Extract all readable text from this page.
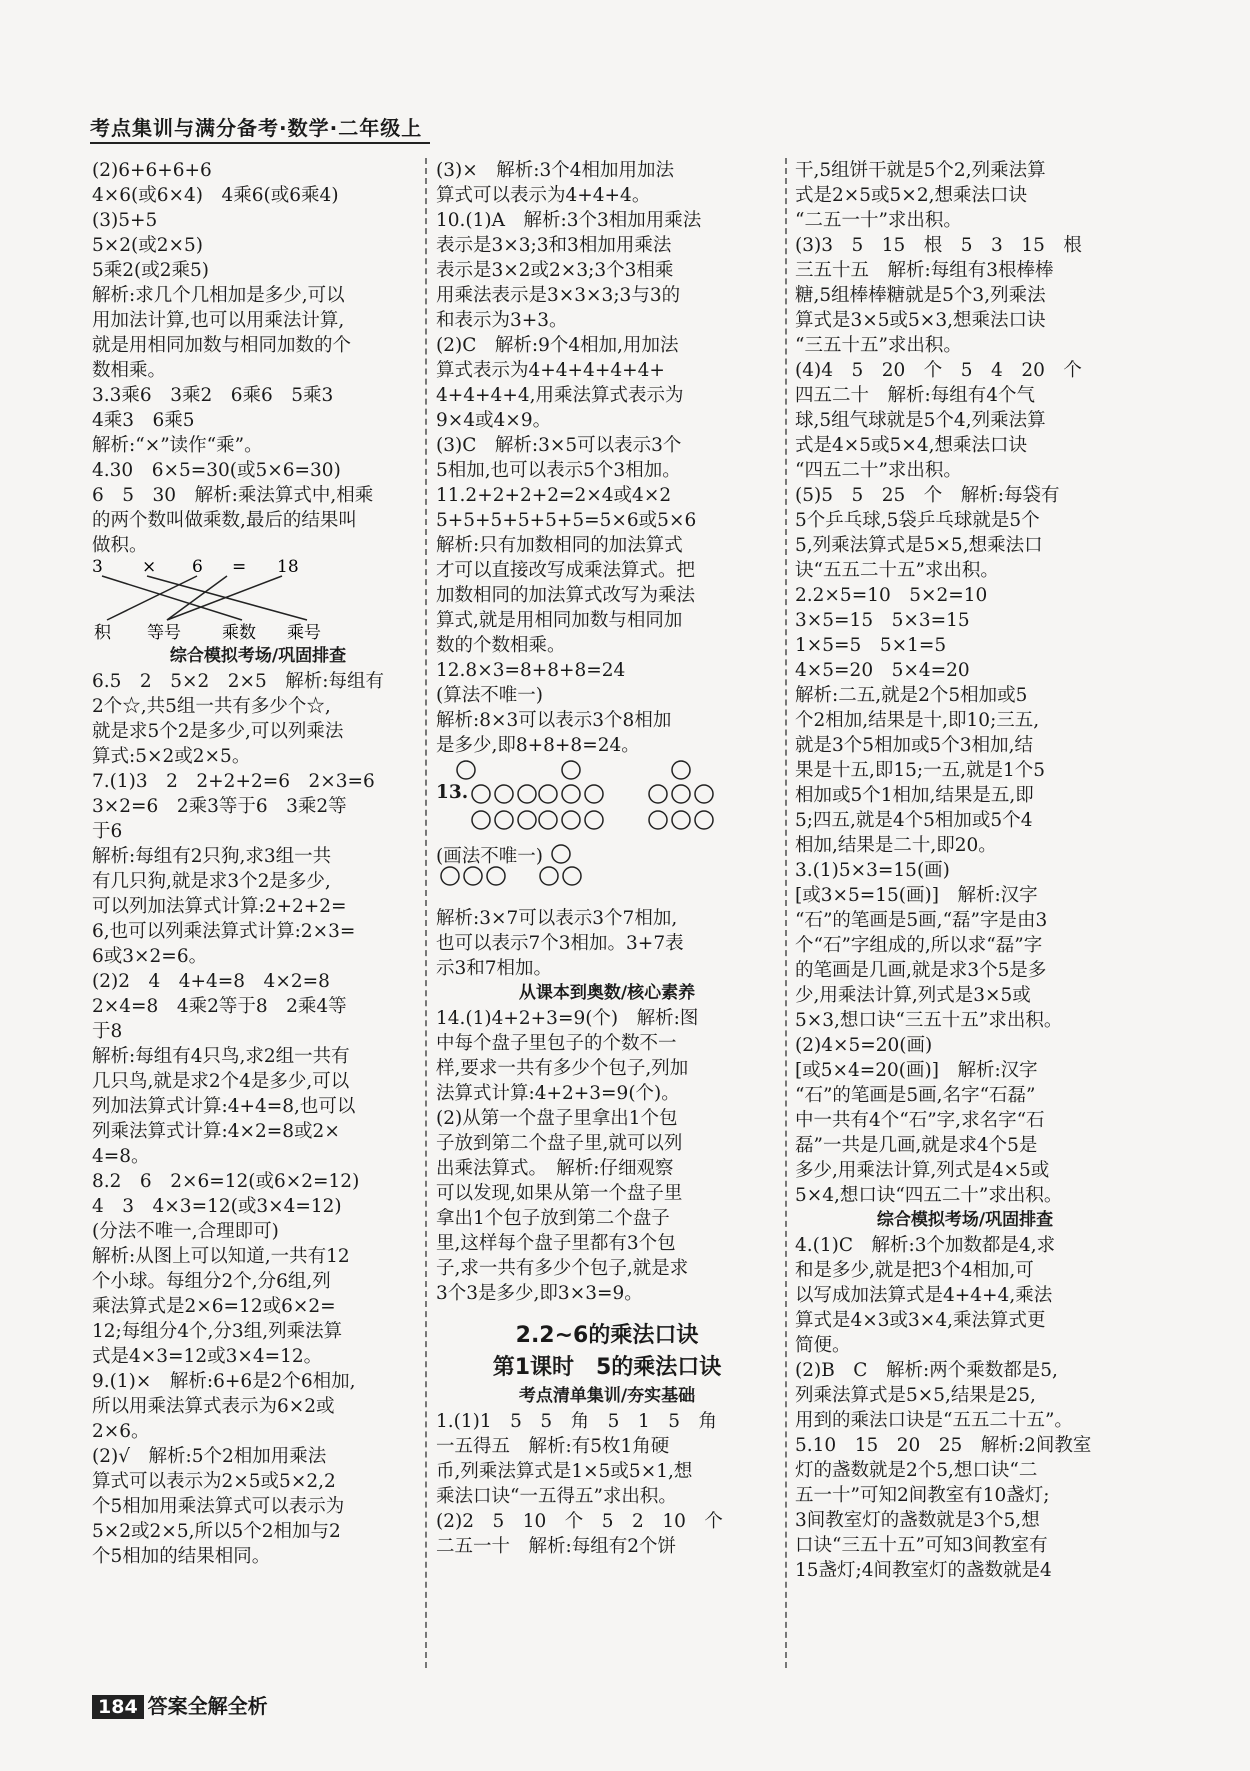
考点集训与满分备考·数学·二年级上
(2)6+6+6+6
4×6(或6×4)　4乘6(或6乘4)
(3)5+5
5×2(或2×5)
5乘2(或2乘5)
解析:求几个几相加是多少,可以
用加法计算,也可以用乘法计算,
就是用相同加数与相同加数的个
数相乘。
3.3乘6　3乘2　6乘6　5乘3
4乘3　6乘5
解析:“×”读作“乘”。
4.30　6×5=30(或5×6=30)
6　5　30　解析:乘法算式中,相乘
的两个数叫做乘数,最后的结果叫
做积。
3 × 6 = 18
积 等号 乘数 乘号
综合模拟考场/巩固排查
6.5　2　5×2　2×5　解析:每组有
2个☆,共5组一共有多少个☆,
就是求5个2是多少,可以列乘法
算式:5×2或2×5。
7.(1)3　2　2+2+2=6　2×3=6
3×2=6　2乘3等于6　3乘2等
于6
解析:每组有2只狗,求3组一共
有几只狗,就是求3个2是多少,
可以列加法算式计算:2+2+2=
6,也可以列乘法算式计算:2×3=
6或3×2=6。
(2)2　4　4+4=8　4×2=8
2×4=8　4乘2等于8　2乘4等
于8
解析:每组有4只鸟,求2组一共有
几只鸟,就是求2个4是多少,可以
列加法算式计算:4+4=8,也可以
列乘法算式计算:4×2=8或2×
4=8。
8.2　6　2×6=12(或6×2=12)
4　3　4×3=12(或3×4=12)
(分法不唯一,合理即可)
解析:从图上可以知道,一共有12
个小球。每组分2个,分6组,列
乘法算式是2×6=12或6×2=
12;每组分4个,分3组,列乘法算
式是4×3=12或3×4=12。
9.(1)×　解析:6+6是2个6相加,
所以用乘法算式表示为6×2或
2×6。
(2)√　解析:5个2相加用乘法
算式可以表示为2×5或5×2,2
个5相加用乘法算式可以表示为
5×2或2×5,所以5个2相加与2
个5相加的结果相同。
(3)×　解析:3个4相加用加法
算式可以表示为4+4+4。
10.(1)A　解析:3个3相加用乘法
表示是3×3;3和3相加用乘法
表示是3×2或2×3;3个3相乘
用乘法表示是3×3×3;3与3的
和表示为3+3。
(2)C　解析:9个4相加,用加法
算式表示为4+4+4+4+4+
4+4+4+4,用乘法算式表示为
9×4或4×9。
(3)C　解析:3×5可以表示3个
5相加,也可以表示5个3相加。
11.2+2+2+2=2×4或4×2
5+5+5+5+5+5=5×6或5×6
解析:只有加数相同的加法算式
才可以直接改写成乘法算式。把
加数相同的加法算式改写为乘法
算式,就是用相同加数与相同加
数的个数相乘。
12.8×3=8+8+8=24
(算法不唯一)
解析:8×3可以表示3个8相加
是多少,即8+8+8=24。
13.
(画法不唯一)
解析:3×7可以表示3个7相加,
也可以表示7个3相加。3+7表
示3和7相加。
从课本到奥数/核心素养
14.(1)4+2+3=9(个)　解析:图
中每个盘子里包子的个数不一
样,要求一共有多少个包子,列加
法算式计算:4+2+3=9(个)。
(2)从第一个盘子里拿出1个包
子放到第二个盘子里,就可以列
出乘法算式。　解析:仔细观察
可以发现,如果从第一个盘子里
拿出1个包子放到第二个盘子
里,这样每个盘子里都有3个包
子,求一共有多少个包子,就是求
3个3是多少,即3×3=9。
2.2~6的乘法口诀
第1课时　5的乘法口诀
考点清单集训/夯实基础
1.(1)1　5　5　角　5　1　5　角
一五得五　解析:有5枚1角硬
币,列乘法算式是1×5或5×1,想
乘法口诀“一五得五”求出积。
(2)2　5　10　个　5　2　10　个
二五一十　解析:每组有2个饼
干,5组饼干就是5个2,列乘法算
式是2×5或5×2,想乘法口诀
“二五一十”求出积。
(3)3　5　15　根　5　3　15　根
三五十五　解析:每组有3根棒棒
糖,5组棒棒糖就是5个3,列乘法
算式是3×5或5×3,想乘法口诀
“三五十五”求出积。
(4)4　5　20　个　5　4　20　个
四五二十　解析:每组有4个气
球,5组气球就是5个4,列乘法算
式是4×5或5×4,想乘法口诀
“四五二十”求出积。
(5)5　5　25　个　解析:每袋有
5个乒乓球,5袋乒乓球就是5个
5,列乘法算式是5×5,想乘法口
诀“五五二十五”求出积。
2.2×5=10　5×2=10
3×5=15　5×3=15
1×5=5　5×1=5
4×5=20　5×4=20
解析:二五,就是2个5相加或5
个2相加,结果是十,即10;三五,
就是3个5相加或5个3相加,结
果是十五,即15;一五,就是1个5
相加或5个1相加,结果是五,即
5;四五,就是4个5相加或5个4
相加,结果是二十,即20。
3.(1)5×3=15(画)
[或3×5=15(画)]　解析:汉字
“石”的笔画是5画,“磊”字是由3
个“石”字组成的,所以求“磊”字
的笔画是几画,就是求3个5是多
少,用乘法计算,列式是3×5或
5×3,想口诀“三五十五”求出积。
(2)4×5=20(画)
[或5×4=20(画)]　解析:汉字
“石”的笔画是5画,名字“石磊”
中一共有4个“石”字,求名字“石
磊”一共是几画,就是求4个5是
多少,用乘法计算,列式是4×5或
5×4,想口诀“四五二十”求出积。
综合模拟考场/巩固排查
4.(1)C　解析:3个加数都是4,求
和是多少,就是把3个4相加,可
以写成加法算式是4+4+4,乘法
算式是4×3或3×4,乘法算式更
简便。
(2)B　C　解析:两个乘数都是5,
列乘法算式是5×5,结果是25,
用到的乘法口诀是“五五二十五”。
5.10　15　20　25　解析:2间教室
灯的盏数就是2个5,想口诀“二
五一十”可知2间教室有10盏灯;
3间教室灯的盏数就是3个5,想
口诀“三五十五”可知3间教室有
15盏灯;4间教室灯的盏数就是4
184 答案全解全析
